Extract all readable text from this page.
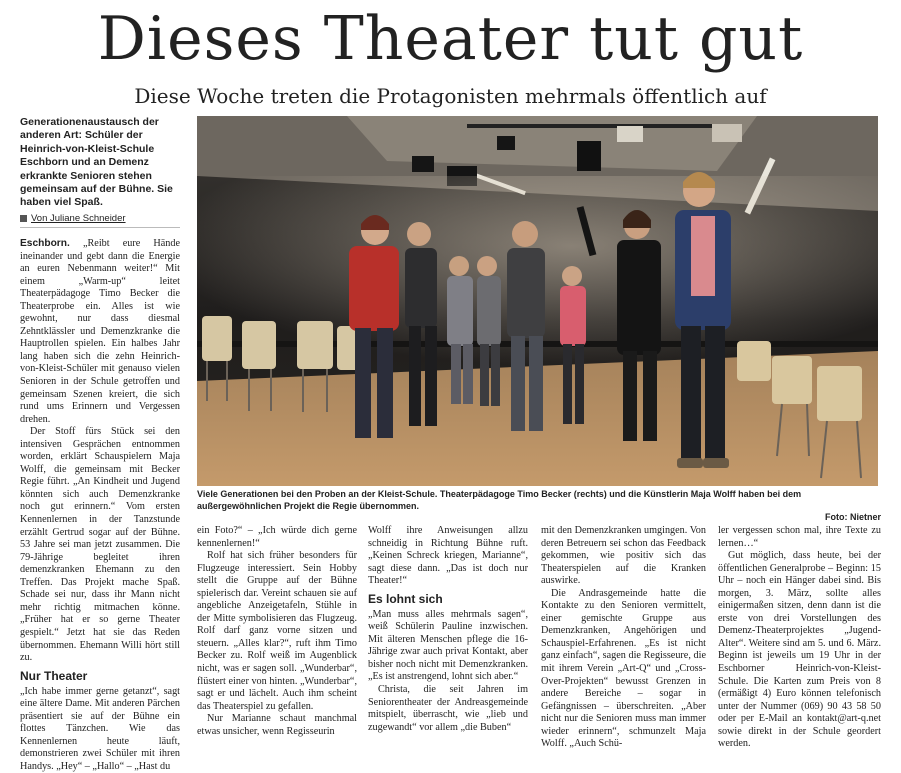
Dieses Theater tut gut
Diese Woche treten die Protagonisten mehrmals öffentlich auf

Generationenaustausch der anderen Art: Schüler der Heinrich-von-Kleist-Schule Eschborn und an Demenz erkrankte Senioren stehen gemeinsam auf der Bühne. Sie haben viel Spaß.

Von Juliane Schneider
Viele Generationen bei den Proben an der Kleist-Schule. Theaterpädagoge Timo Becker (rechts) und die Künstlerin Maja Wolff haben bei dem außergewöhnlichen Projekt die Regie übernommen.
Foto: Nietner

Eschborn. „Reibt eure Hände ineinander und gebt dann die Energie an euren Nebenmann weiter!“ Mit einem „Warm-up“ leitet Theaterpädagoge Timo Becker die Theaterprobe ein. Alles ist wie gewohnt, nur dass diesmal Zehntklässler und Demenzkranke die Hauptrollen spielen. Ein halbes Jahr lang haben sich die zehn Heinrich-von-Kleist-Schüler mit genauso vielen Senioren in der Schule getroffen und gemeinsam Szenen kreiert, die sich rund ums Erinnern und Vergessen drehen.

Der Stoff fürs Stück sei den intensiven Gesprächen entnommen worden, erklärt Schauspielern Maja Wolff, die gemeinsam mit Becker Regie führt. „An Kindheit und Jugend könnten sich auch Demenzkranke noch gut erinnern.“ Vom ersten Kennenlernen in der Tanzstunde erzählt Gertrud sogar auf der Bühne. 53 Jahre sei man jetzt zusammen. Die 79-Jährige begleitet ihren demenzkranken Ehemann zu den Treffen. Das Projekt mache Spaß. Schade sei nur, dass ihr Mann nicht mehr richtig mitmachen könne. „Früher hat er so gerne Theater gespielt.“ Jetzt hat sie das Reden übernommen. Ehemann Willi hört still zu.

Nur Theater

„Ich habe immer gerne getanzt“, sagt eine ältere Dame. Mit anderen Pärchen präsentiert sie auf der Bühne ein flottes Tänzchen. Wie das Kennenlernen heute läuft, demonstrieren zwei Schüler mit ihren Handys. „Hey“ – „Hallo“ – „Hast du

ein Foto?“ – „Ich würde dich gerne kennenlernen!“

Rolf hat sich früher besonders für Flugzeuge interessiert. Sein Hobby stellt die Gruppe auf der Bühne spielerisch dar. Vereint schauen sie auf angebliche Anzeigetafeln, Stühle in der Mitte symbolisieren das Flugzeug. Rolf darf ganz vorne sitzen und steuern. „Alles klar?“, ruft ihm Timo Becker zu. Rolf weiß im Augenblick nicht, was er sagen soll. „Wunderbar“, flüstert einer von hinten. „Wunderbar“, sagt er und lächelt. Auch ihm scheint das Theaterspiel zu gefallen.

Nur Marianne schaut manchmal etwas unsicher, wenn Regisseurin

Wolff ihre Anweisungen allzu schneidig in Richtung Bühne ruft. „Keinen Schreck kriegen, Marianne“, sagt diese dann. „Das ist doch nur Theater!“

Es lohnt sich

„Man muss alles mehrmals sagen“, weiß Schülerin Pauline inzwischen. Mit älteren Menschen pflege die 16-Jährige zwar auch privat Kontakt, aber bisher noch nicht mit Demenzkranken. „Es ist anstrengend, lohnt sich aber.“

Christa, die seit Jahren im Seniorentheater der Andreasgemeinde mitspielt, überrascht, wie „lieb und zugewandt“ vor allem „die Buben“

mit den Demenzkranken umgingen. Von deren Betreuern sei schon das Feedback gekommen, wie positiv sich das Theaterspielen auf die Kranken auswirke.

Die Andrasgemeinde hatte die Kontakte zu den Senioren vermittelt, einer gemischte Gruppe aus Demenzkranken, Angehörigen und Schauspiel-Erfahrenen. „Es ist nicht ganz einfach“, sagen die Regisseure, die mit ihrem Verein „Art-Q“ und „Cross-Over-Projekten“ bewusst Grenzen in andere Bereiche – sogar in Gefängnissen – überschreiten. „Aber nicht nur die Senioren muss man immer wieder erinnern“, schmunzelt Maja Wolff. „Auch Schü-

ler vergessen schon mal, ihre Texte zu lernen…“

Gut möglich, dass heute, bei der öffentlichen Generalprobe – Beginn: 15 Uhr – noch ein Hänger dabei sind. Bis morgen, 3. März, sollte alles einigermaßen sitzen, denn dann ist die erste von drei Vorstellungen des Demenz-Theaterprojektes „Jugend-Alter“. Weitere sind am 5. und 6. März. Beginn ist jeweils um 19 Uhr in der Eschborner Heinrich-von-Kleist-Schule. Die Karten zum Preis von 8 (ermäßigt 4) Euro können telefonisch unter der Nummer (069) 90 43 58 50 oder per E-Mail an kontakt@art-q.net sowie direkt in der Schule geordert werden.
